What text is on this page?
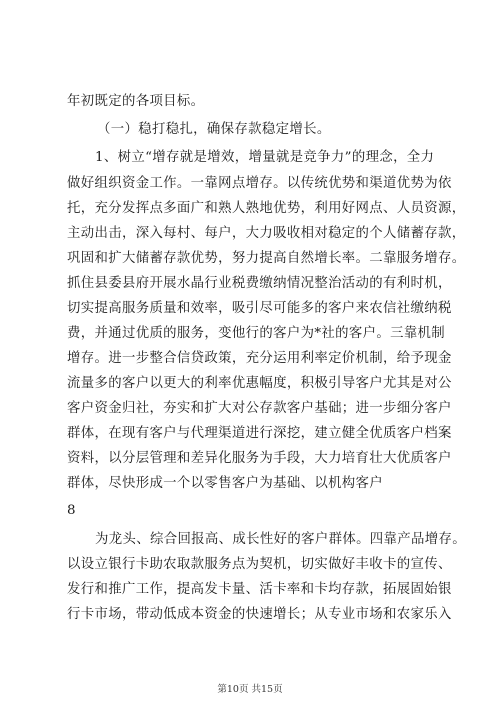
年初既定的各项目标。
（一）稳打稳扎，确保存款稳定增长。
1、树立“增存就是增效，增量就是竞争力”的理念，全力
做好组织资金工作。一靠网点增存。以传统优势和渠道优势为依
托，充分发挥点多面广和熟人熟地优势，利用好网点、人员资源，
主动出击，深入每村、每户，大力吸收相对稳定的个人储蓄存款，
巩固和扩大储蓄存款优势，努力提高自然增长率。二靠服务增存。
抓住县委县府开展水晶行业税费缴纳情况整治活动的有利时机，
切实提高服务质量和效率，吸引尽可能多的客户来农信社缴纳税
费，并通过优质的服务，变他行的客户为*社的客户。三靠机制
增存。进一步整合信贷政策，充分运用利率定价机制，给予现金
流量多的客户以更大的利率优惠幅度，积极引导客户尤其是对公
客户资金归社，夯实和扩大对公存款客户基础；进一步细分客户
群体，在现有客户与代理渠道进行深挖，建立健全优质客户档案
资料，以分层管理和差异化服务为手段，大力培育壮大优质客户
群体，尽快形成一个以零售客户为基础、以机构客户
8
为龙头、综合回报高、成长性好的客户群体。四靠产品增存。
以设立银行卡助农取款服务点为契机，切实做好丰收卡的宣传、
发行和推广工作，提高发卡量、活卡率和卡均存款，拓展固始银
行卡市场，带动低成本资金的快速增长；从专业市场和农家乐入
第10页 共15页
